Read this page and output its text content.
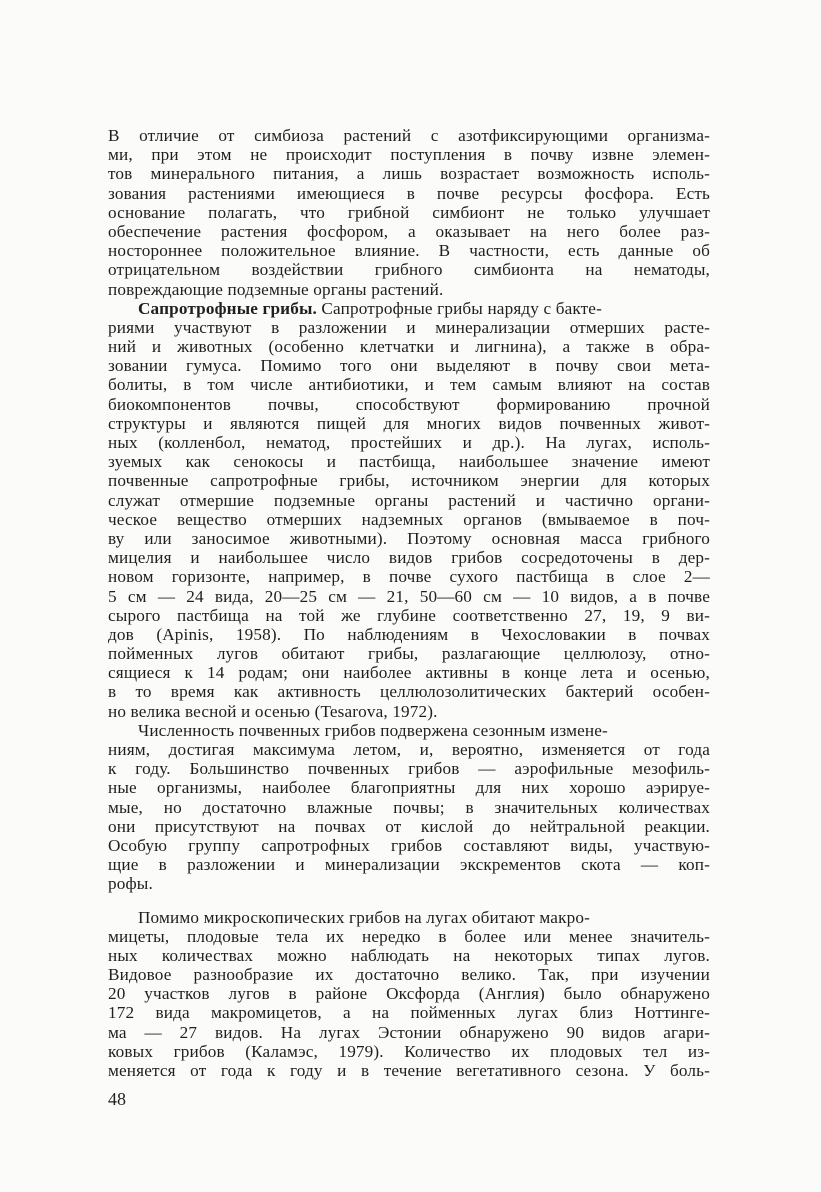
В отличие от симбиоза растений с азотфиксирующими организма-
ми, при этом не происходит поступления в почву извне элемен-
тов минерального питания, а лишь возрастает возможность исполь-
зования растениями имеющиеся в почве ресурсы фосфора. Есть
основание полагать, что грибной симбионт не только улучшает
обеспечение растения фосфором, а оказывает на него более раз-
ностороннее положительное влияние. В частности, есть данные об
отрицательном воздействии грибного симбионта на нематоды,
повреждающие подземные органы растений.
Сапротрофные грибы. Сапротрофные грибы наряду с бакте-
риями участвуют в разложении и минерализации отмерших расте-
ний и животных (особенно клетчатки и лигнина), а также в обра-
зовании гумуса. Помимо того они выделяют в почву свои мета-
болиты, в том числе антибиотики, и тем самым влияют на состав
биокомпонентов почвы, способствуют формированию прочной
структуры и являются пищей для многих видов почвенных живот-
ных (колленбол, нематод, простейших и др.). На лугах, исполь-
зуемых как сенокосы и пастбища, наибольшее значение имеют
почвенные сапротрофные грибы, источником энергии для которых
служат отмершие подземные органы растений и частично органи-
ческое вещество отмерших надземных органов (вмываемое в поч-
ву или заносимое животными). Поэтому основная масса грибного
мицелия и наибольшее число видов грибов сосредоточены в дер-
новом горизонте, например, в почве сухого пастбища в слое 2—
5 см — 24 вида, 20—25 см — 21, 50—60 см — 10 видов, а в почве
сырого пастбища на той же глубине соответственно 27, 19, 9 ви-
дов (Apinis, 1958). По наблюдениям в Чехословакии в почвах
пойменных лугов обитают грибы, разлагающие целлюлозу, отно-
сящиеся к 14 родам; они наиболее активны в конце лета и осенью,
в то время как активность целлюлозолитических бактерий особен-
но велика весной и осенью (Tesarova, 1972).
Численность почвенных грибов подвержена сезонным измене-
ниям, достигая максимума летом, и, вероятно, изменяется от года
к году. Большинство почвенных грибов — аэрофильные мезофиль-
ные организмы, наиболее благоприятны для них хорошо аэрируе-
мые, но достаточно влажные почвы; в значительных количествах
они присутствуют на почвах от кислой до нейтральной реакции.
Особую группу сапротрофных грибов составляют виды, участвую-
щие в разложении и минерализации экскрементов скота — коп-
рофы.
Помимо микроскопических грибов на лугах обитают макро-
мицеты, плодовые тела их нередко в более или менее значитель-
ных количествах можно наблюдать на некоторых типах лугов.
Видовое разнообразие их достаточно велико. Так, при изучении
20 участков лугов в районе Оксфорда (Англия) было обнаружено
172 вида макромицетов, а на пойменных лугах близ Ноттинге-
ма — 27 видов. На лугах Эстонии обнаружено 90 видов агари-
ковых грибов (Каламэс, 1979). Количество их плодовых тел из-
меняется от года к году и в течение вегетативного сезона. У боль-
48
